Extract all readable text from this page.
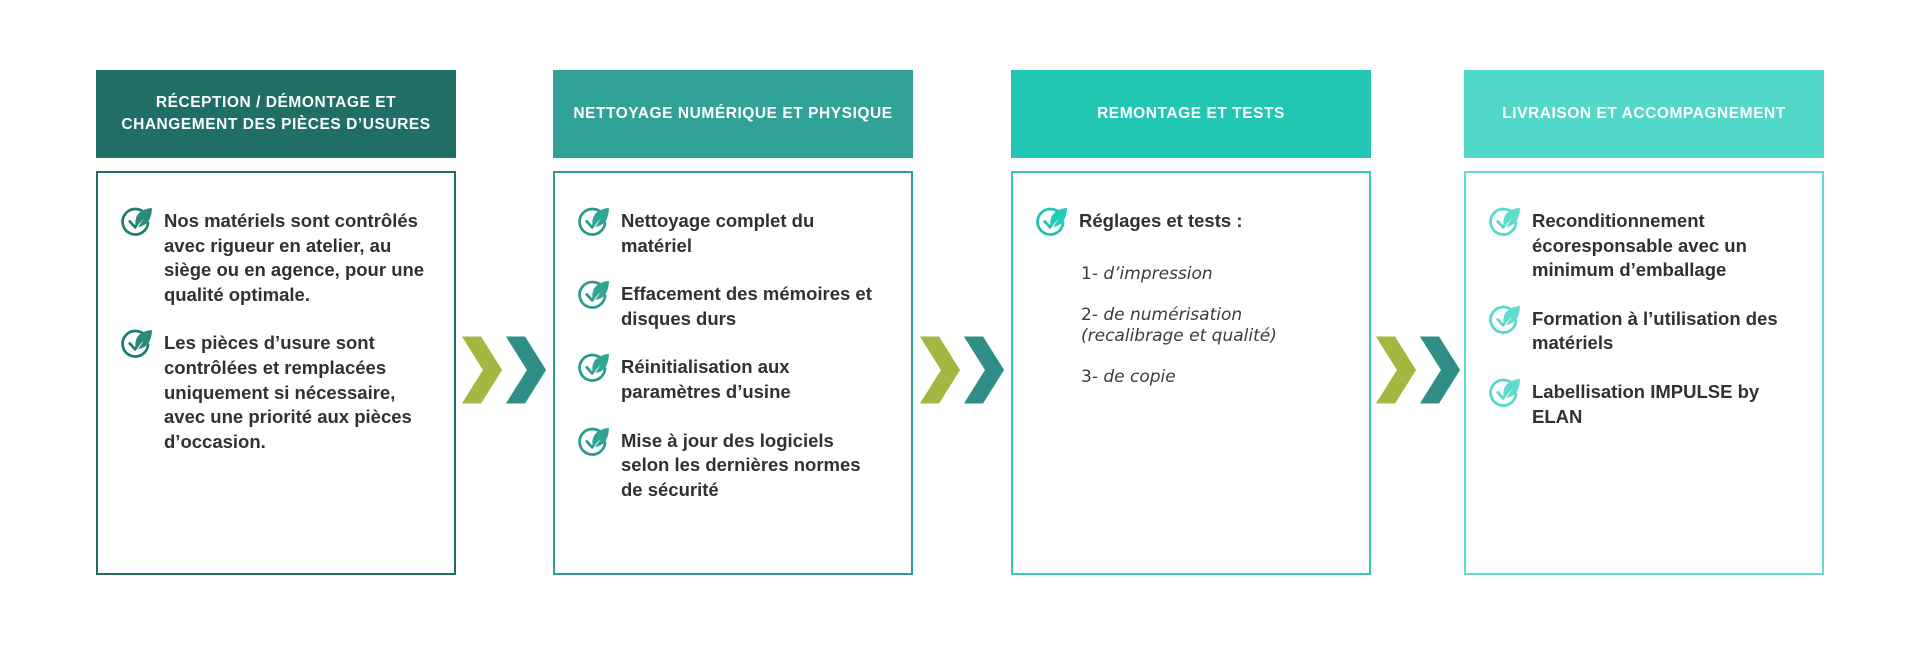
RÉCEPTION / DÉMONTAGE ET CHANGEMENT DES PIÈCES D’USURES
Nos matériels sont contrôlés avec rigueur en atelier, au siège ou en agence, pour une qualité optimale.
Les pièces d’usure sont contrôlées et remplacées uniquement si nécessaire, avec une priorité aux pièces d’occasion.
NETTOYAGE NUMÉRIQUE ET PHYSIQUE
Nettoyage complet du matériel
Effacement des mémoires et disques durs
Réinitialisation aux paramètres d’usine
Mise à jour des logiciels selon les dernières normes de sécurité
REMONTAGE ET TESTS
Réglages et tests :
1- d’impression
2- de numérisation (recalibrage et qualité)
3- de copie
LIVRAISON ET ACCOMPAGNEMENT
Reconditionnement écoresponsable avec un minimum d’emballage
Formation à l’utilisation des matériels
Labellisation IMPULSE by ELAN
